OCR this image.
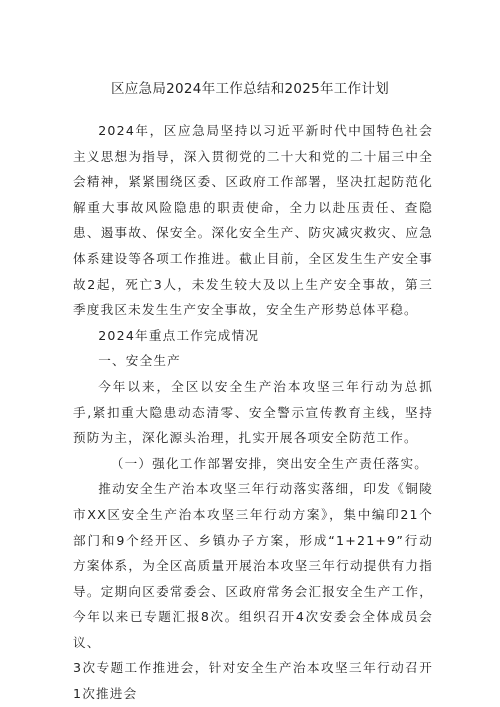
区应急局2024年工作总结和2025年工作计划

2024年，区应急局坚持以习近平新时代中国特色社会主义思想为指导，深入贯彻党的二十大和党的二十届三中全会精神，紧紧围绕区委、区政府工作部署，坚决扛起防范化解重大事故风险隐患的职责使命，全力以赴压责任、查隐患、遏事故、保安全。深化安全生产、防灾减灾救灾、应急体系建设等各项工作推进。截止目前，全区发生生产安全事故2起，死亡3人，未发生较大及以上生产安全事故，第三季度我区未发生生产安全事故，安全生产形势总体平稳。

2024年重点工作完成情况

一、安全生产

今年以来，全区以安全生产治本攻坚三年行动为总抓手,紧扣重大隐患动态清零、安全警示宣传教育主线，坚持预防为主，深化源头治理，扎实开展各项安全防范工作。

（一）强化工作部署安排，突出安全生产责任落实。

推动安全生产治本攻坚三年行动落实落细，印发《铜陵市XX区安全生产治本攻坚三年行动方案》，集中编印21个部门和9个经开区、乡镇办子方案，形成“1+21+9”行动方案体系，为全区高质量开展治本攻坚三年行动提供有力指导。定期向区委常委会、区政府常务会汇报安全生产工作，今年以来已专题汇报8次。组织召开4次安委会全体成员会议、

3次专题工作推进会，针对安全生产治本攻坚三年行动召开1次推进会
